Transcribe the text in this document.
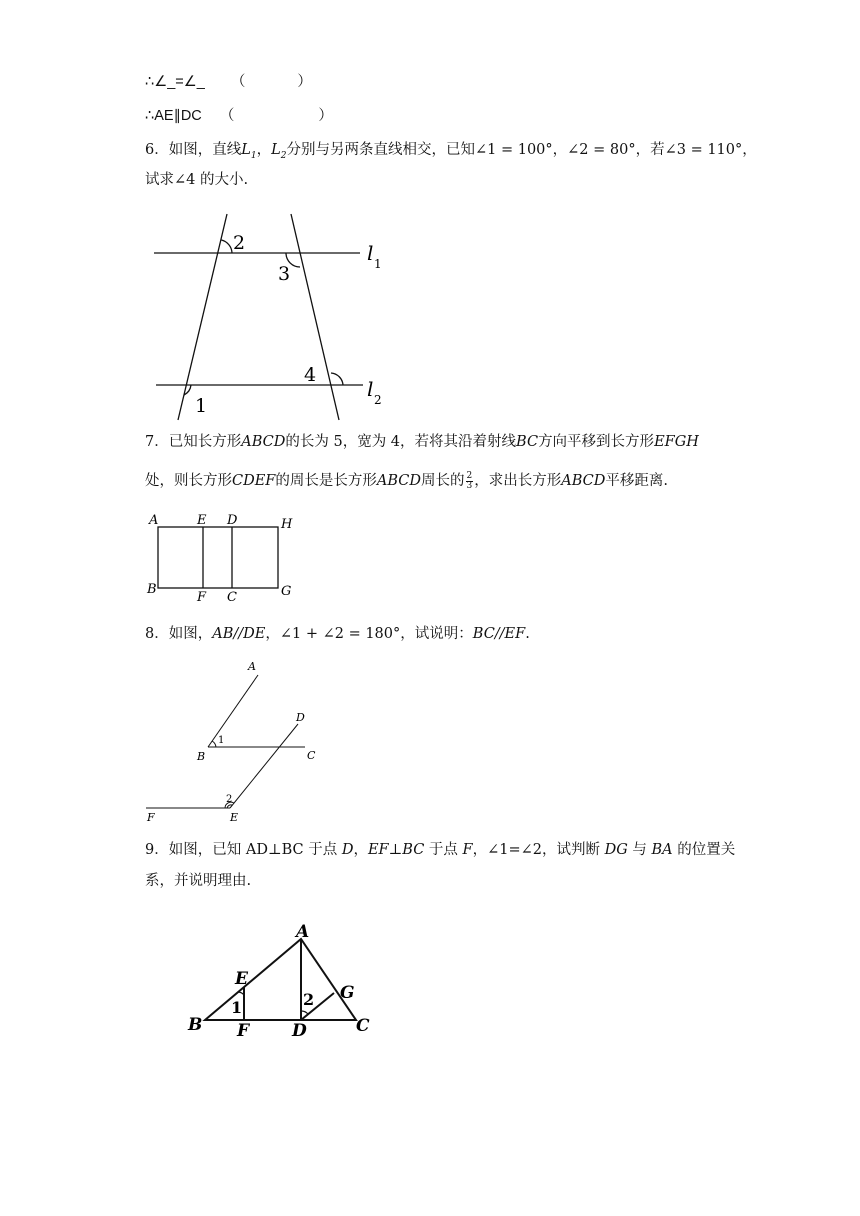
∴∠_=∠_ （	）
∴AE∥DC （	）
6．如图，直线$L_1$，$L_2$分别与另两条直线相交，已知∠1 = 100°，∠2 = 80°，若∠3 = 110°，
试求∠4 的大小.
2
3
1
4
l 1
l 2
7．已知长方形ABCD的长为 5，宽为 4，若将其沿着射线BC方向平移到长方形EFGH
处，则长方形CDEF的周长是长方形ABCD周长的 $\frac{2}{3}$ ，求出长方形ABCD平移距离.
A	E D	H
B
F C	G
8．如图，AB//DE，∠1 + ∠2 = 180°，试说明：BC//EF.
A
D
B	C
F	E
1
2
9．如图，已知 AD⊥BC 于点 D，EF⊥BC 于点 F，∠1=∠2，试判断 DG 与 BA 的位置关
系，并说明理由.
A
E
G
B F	D	C
1	2
